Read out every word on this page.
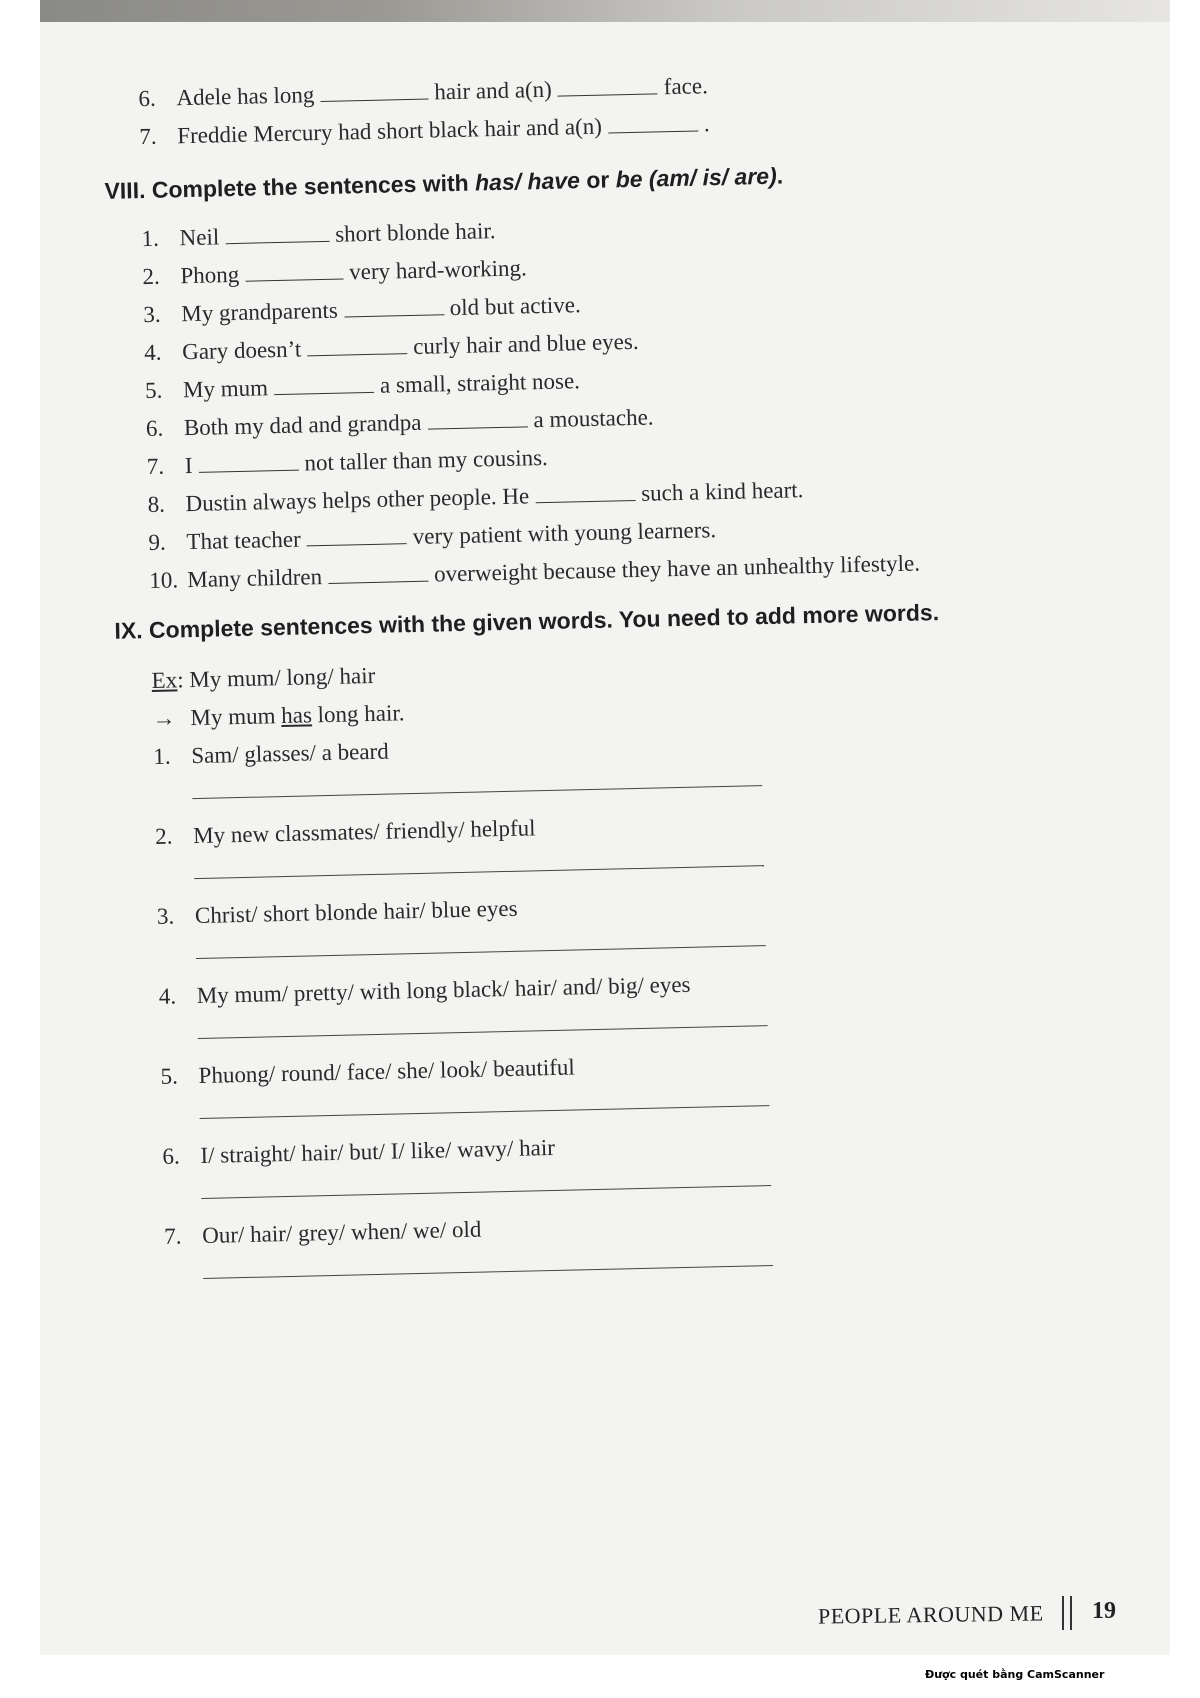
6. Adele has long	hair and a(n)	face.
7. Freddie Mercury had short black hair and a(n)	.
VIII. Complete the sentences with has/ have or be (am/ is/ are).
1. Neil	short blonde hair.
2. Phong	very hard-working.
3. My grandparents	old but active.
4. Gary doesn’t	curly hair and blue eyes.
5. My mum	a small, straight nose.
6. Both my dad and grandpa	a moustache.
7. I	not taller than my cousins.
8. Dustin always helps other people. He	such a kind heart.
9. That teacher	very patient with young learners.
10. Many children	overweight because they have an unhealthy lifestyle.
IX. Complete sentences with the given words. You need to add more words.
Ex: My mum/ long/ hair
→ My mum has long hair.
1. Sam/ glasses/ a beard
2. My new classmates/ friendly/ helpful
3. Christ/ short blonde hair/ blue eyes
4. My mum/ pretty/ with long black/ hair/ and/ big/ eyes
5. Phuong/ round/ face/ she/ look/ beautiful
6. I/ straight/ hair/ but/ I/ like/ wavy/ hair
7. Our/ hair/ grey/ when/ we/ old
PEOPLE AROUND ME 19
Được quét bằng CamScanner
